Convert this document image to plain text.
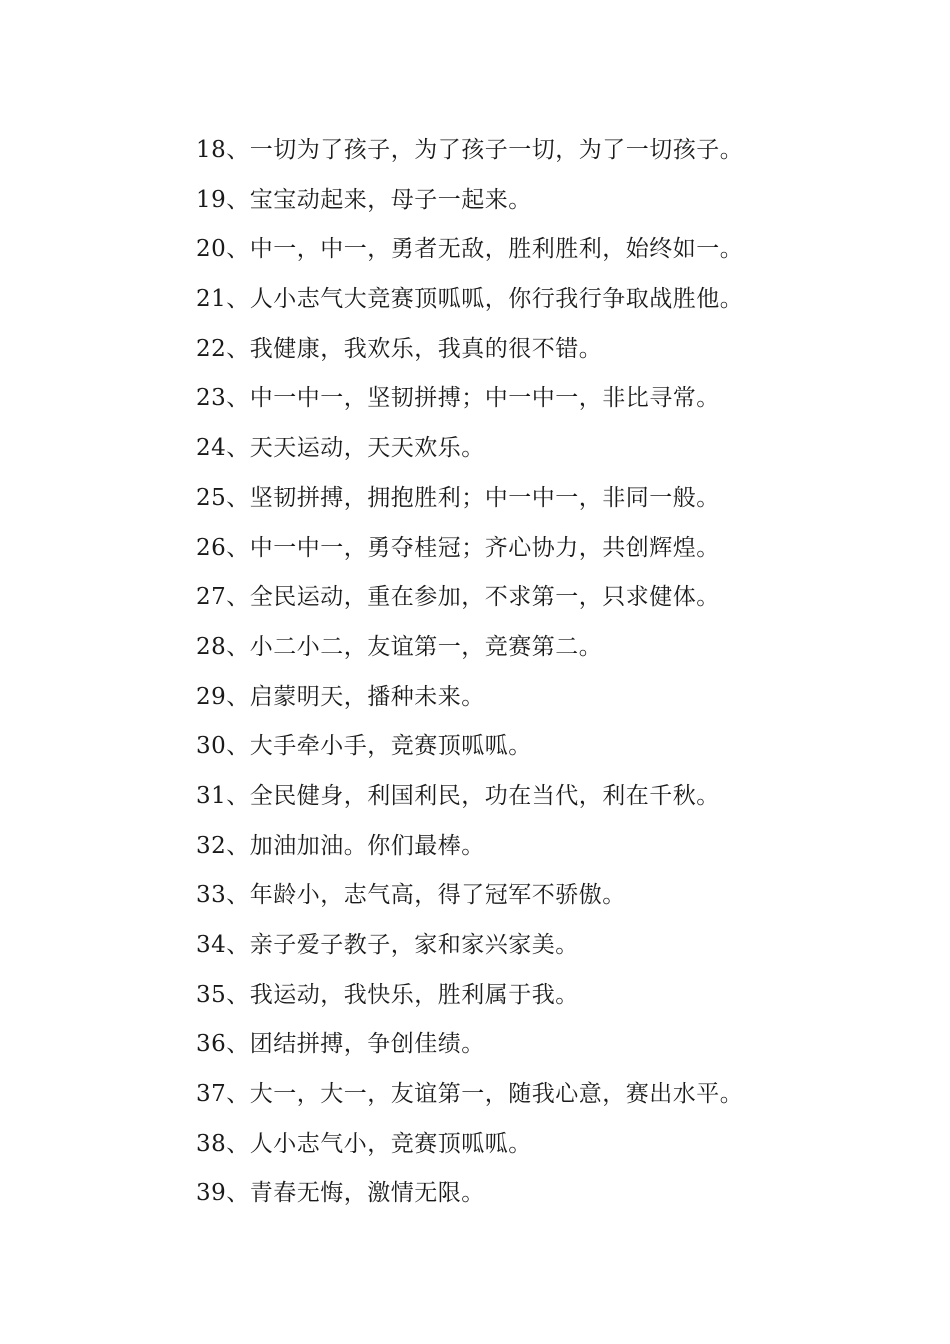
18、一切为了孩子，为了孩子一切，为了一切孩子。
19、宝宝动起来，母子一起来。
20、中一，中一，勇者无敌，胜利胜利，始终如一。
21、人小志气大竞赛顶呱呱，你行我行争取战胜他。
22、我健康，我欢乐，我真的很不错。
23、中一中一，坚韧拼搏；中一中一，非比寻常。
24、天天运动，天天欢乐。
25、坚韧拼搏，拥抱胜利；中一中一，非同一般。
26、中一中一，勇夺桂冠；齐心协力，共创辉煌。
27、全民运动，重在参加，不求第一，只求健体。
28、小二小二，友谊第一，竞赛第二。
29、启蒙明天，播种未来。
30、大手牵小手，竞赛顶呱呱。
31、全民健身，利国利民，功在当代，利在千秋。
32、加油加油。你们最棒。
33、年龄小，志气高，得了冠军不骄傲。
34、亲子爱子教子，家和家兴家美。
35、我运动，我快乐，胜利属于我。
36、团结拼搏，争创佳绩。
37、大一，大一，友谊第一，随我心意，赛出水平。
38、人小志气小，竞赛顶呱呱。
39、青春无悔，激情无限。
